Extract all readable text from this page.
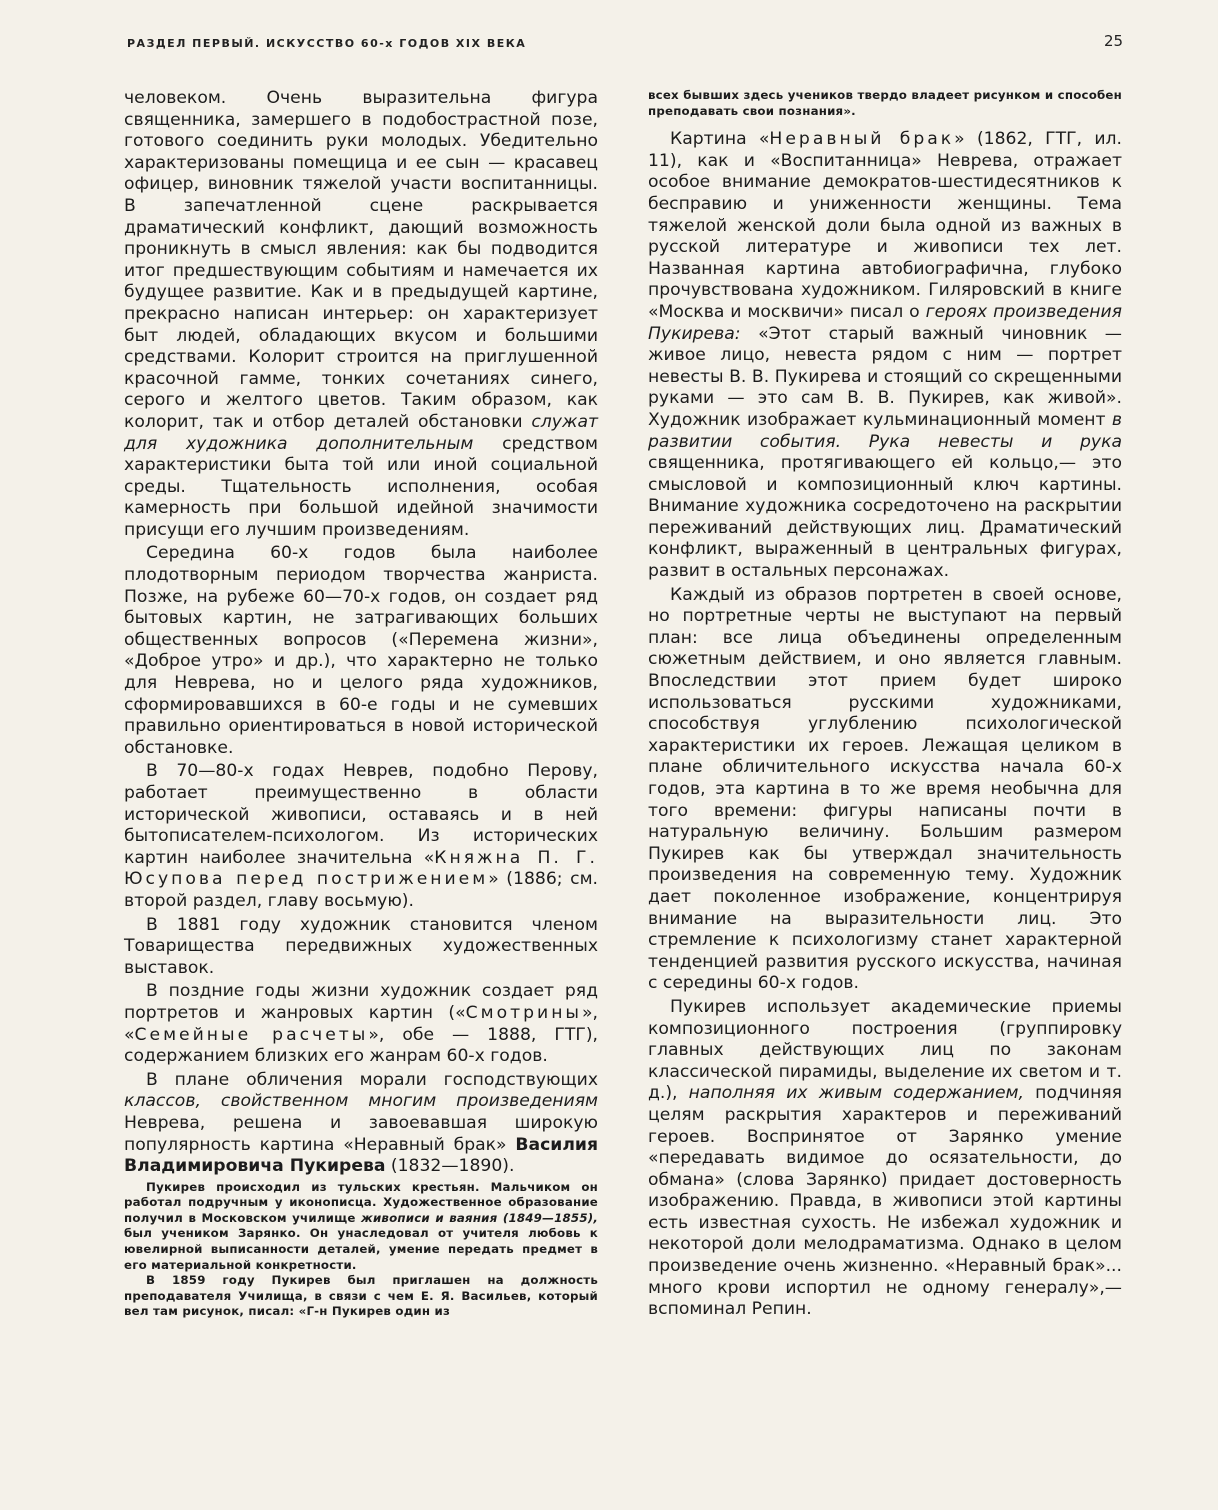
РАЗДЕЛ ПЕРВЫЙ. ИСКУССТВО 60-х ГОДОВ XIX ВЕКА	25

человеком. Очень выразительна фигура священника, замершего в подобострастной позе, готового соединить руки молодых. Убедительно характеризованы помещица и ее сын — красавец офицер, виновник тяжелой участи воспитанницы. В запечатленной сцене раскрывается драматический конфликт, дающий возможность проникнуть в смысл явления: как бы подводится итог предшествующим событиям и намечается их будущее развитие. Как и в предыдущей картине, прекрасно написан интерьер: он характеризует быт людей, обладающих вкусом и большими средствами. Колорит строится на приглушенной красочной гамме, тонких сочетаниях синего, серого и желтого цветов. Таким образом, как колорит, так и отбор деталей обстановки служат для художника дополнительным средством характеристики быта той или иной социальной среды. Тщательность исполнения, особая камерность при большой идейной значимости присущи его лучшим произведениям.

Середина 60-х годов была наиболее плодотворным периодом творчества жанриста. Позже, на рубеже 60—70-х годов, он создает ряд бытовых картин, не затрагивающих больших общественных вопросов («Перемена жизни», «Доброе утро» и др.), что характерно не только для Неврева, но и целого ряда художников, сформировавшихся в 60-е годы и не сумевших правильно ориентироваться в новой исторической обстановке.

В 70—80-х годах Неврев, подобно Перову, работает преимущественно в области исторической живописи, оставаясь и в ней бытописателем-психологом. Из исторических картин наиболее значительна «Княжна П. Г. Юсупова перед пострижением» (1886; см. второй раздел, главу восьмую).

В 1881 году художник становится членом Товарищества передвижных художественных выставок.

В поздние годы жизни художник создает ряд портретов и жанровых картин («Смотрины», «Семейные расчеты», обе — 1888, ГТГ), содержанием близких его жанрам 60-х годов.

В плане обличения морали господствующих классов, свойственном многим произведениям Неврева, решена и завоевавшая широкую популярность картина «Неравный брак» Василия Владимировича Пукирева (1832—1890).

Пукирев происходил из тульских крестьян. Мальчиком он работал подручным у иконописца. Художественное образование получил в Московском училище живописи и ваяния (1849—1855), был учеником Зарянко. Он унаследовал от учителя любовь к ювелирной выписанности деталей, умение передать предмет в его материальной конкретности.

В 1859 году Пукирев был приглашен на должность преподавателя Училища, в связи с чем Е. Я. Васильев, который вел там рисунок, писал: «Г-н Пукирев один из

всех бывших здесь учеников твердо владеет рисунком и способен преподавать свои познания».

Картина «Неравный брак» (1862, ГТГ, ил. 11), как и «Воспитанница» Неврева, отражает особое внимание демократов-шестидесятников к бесправию и униженности женщины. Тема тяжелой женской доли была одной из важных в русской литературе и живописи тех лет. Названная картина автобиографична, глубоко прочувствована художником. Гиляровский в книге «Москва и москвичи» писал о героях произведения Пукирева: «Этот старый важный чиновник — живое лицо, невеста рядом с ним — портрет невесты В. В. Пукирева и стоящий со скрещенными руками — это сам В. В. Пукирев, как живой». Художник изображает кульминационный момент в развитии события. Рука невесты и рука священника, протягивающего ей кольцо,— это смысловой и композиционный ключ картины. Внимание художника сосредоточено на раскрытии переживаний действующих лиц. Драматический конфликт, выраженный в центральных фигурах, развит в остальных персонажах.

Каждый из образов портретен в своей основе, но портретные черты не выступают на первый план: все лица объединены определенным сюжетным действием, и оно является главным. Впоследствии этот прием будет широко использоваться русскими художниками, способствуя углублению психологической характеристики их героев. Лежащая целиком в плане обличительного искусства начала 60-х годов, эта картина в то же время необычна для того времени: фигуры написаны почти в натуральную величину. Большим размером Пукирев как бы утверждал значительность произведения на современную тему. Художник дает поколенное изображение, концентрируя внимание на выразительности лиц. Это стремление к психологизму станет характерной тенденцией развития русского искусства, начиная с середины 60-х годов.

Пукирев использует академические приемы композиционного построения (группировку главных действующих лиц по законам классической пирамиды, выделение их светом и т. д.), наполняя их живым содержанием, подчиняя целям раскрытия характеров и переживаний героев. Воспринятое от Зарянко умение «передавать видимое до осязательности, до обмана» (слова Зарянко) придает достоверность изображению. Правда, в живописи этой картины есть известная сухость. Не избежал художник и некоторой доли мелодраматизма. Однако в целом произведение очень жизненно. «Неравный брак»... много крови испортил не одному генералу»,— вспоминал Репин.
